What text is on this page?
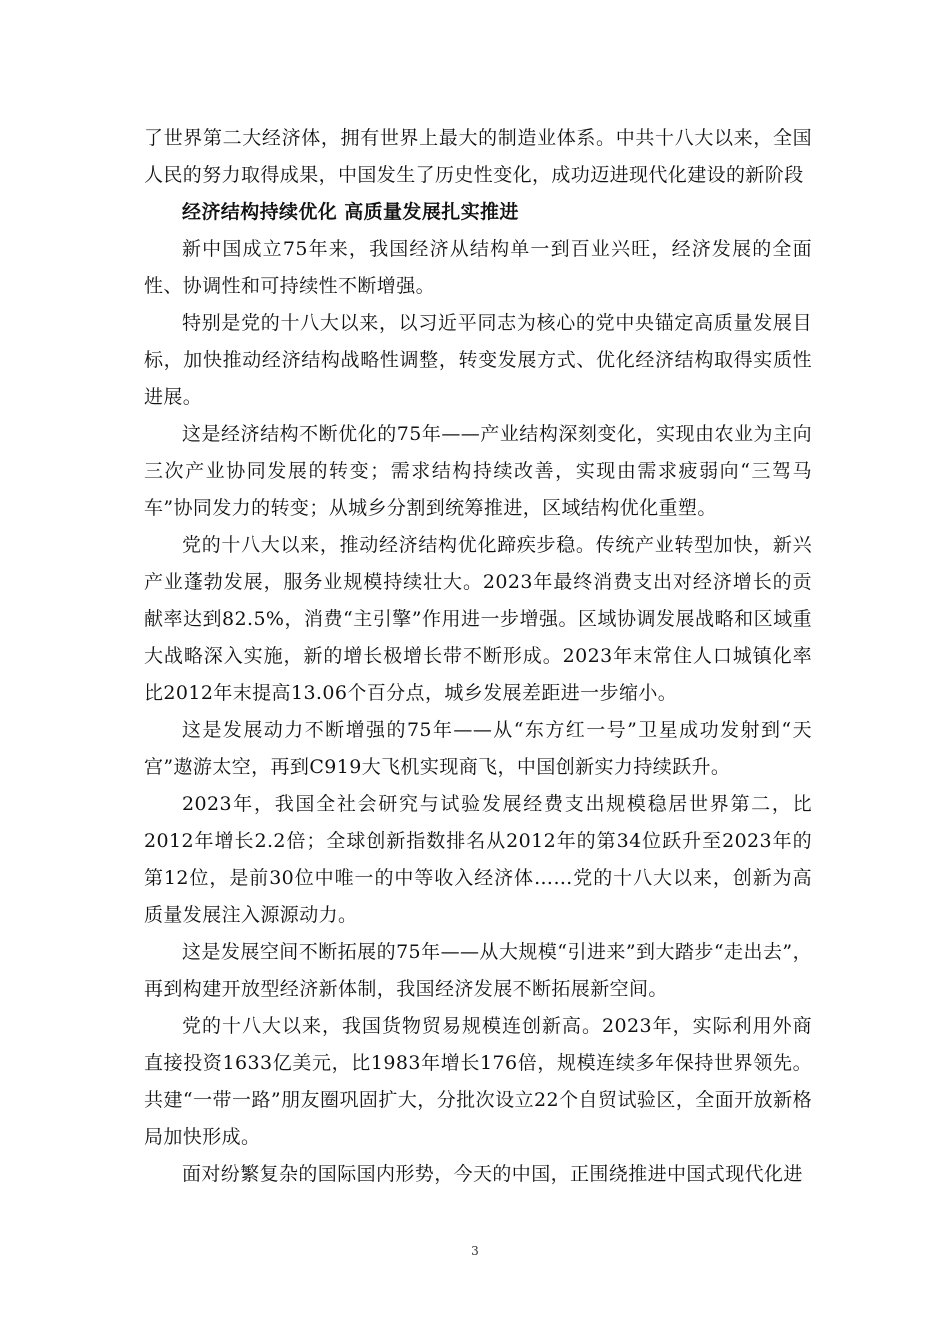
了世界第二大经济体，拥有世界上最大的制造业体系。中共十八大以来，全国人民的努力取得成果，中国发生了历史性变化，成功迈进现代化建设的新阶段

经济结构持续优化 高质量发展扎实推进

新中国成立75年来，我国经济从结构单一到百业兴旺，经济发展的全面性、协调性和可持续性不断增强。

特别是党的十八大以来，以习近平同志为核心的党中央锚定高质量发展目标，加快推动经济结构战略性调整，转变发展方式、优化经济结构取得实质性进展。

这是经济结构不断优化的75年——产业结构深刻变化，实现由农业为主向三次产业协同发展的转变；需求结构持续改善，实现由需求疲弱向“三驾马车”协同发力的转变；从城乡分割到统筹推进，区域结构优化重塑。

党的十八大以来，推动经济结构优化蹄疾步稳。传统产业转型加快，新兴产业蓬勃发展，服务业规模持续壮大。2023年最终消费支出对经济增长的贡献率达到82.5%，消费“主引擎”作用进一步增强。区域协调发展战略和区域重大战略深入实施，新的增长极增长带不断形成。2023年末常住人口城镇化率比2012年末提高13.06个百分点，城乡发展差距进一步缩小。

这是发展动力不断增强的75年——从“东方红一号”卫星成功发射到“天宫”遨游太空，再到C919大飞机实现商飞，中国创新实力持续跃升。

2023年，我国全社会研究与试验发展经费支出规模稳居世界第二，比2012年增长2.2倍；全球创新指数排名从2012年的第34位跃升至2023年的第12位，是前30位中唯一的中等收入经济体……党的十八大以来，创新为高质量发展注入源源动力。

这是发展空间不断拓展的75年——从大规模“引进来”到大踏步“走出去”，再到构建开放型经济新体制，我国经济发展不断拓展新空间。

党的十八大以来，我国货物贸易规模连创新高。2023年，实际利用外商直接投资1633亿美元，比1983年增长176倍，规模连续多年保持世界领先。共建“一带一路”朋友圈巩固扩大，分批次设立22个自贸试验区，全面开放新格局加快形成。

面对纷繁复杂的国际国内形势，今天的中国，正围绕推进中国式现代化进

3
